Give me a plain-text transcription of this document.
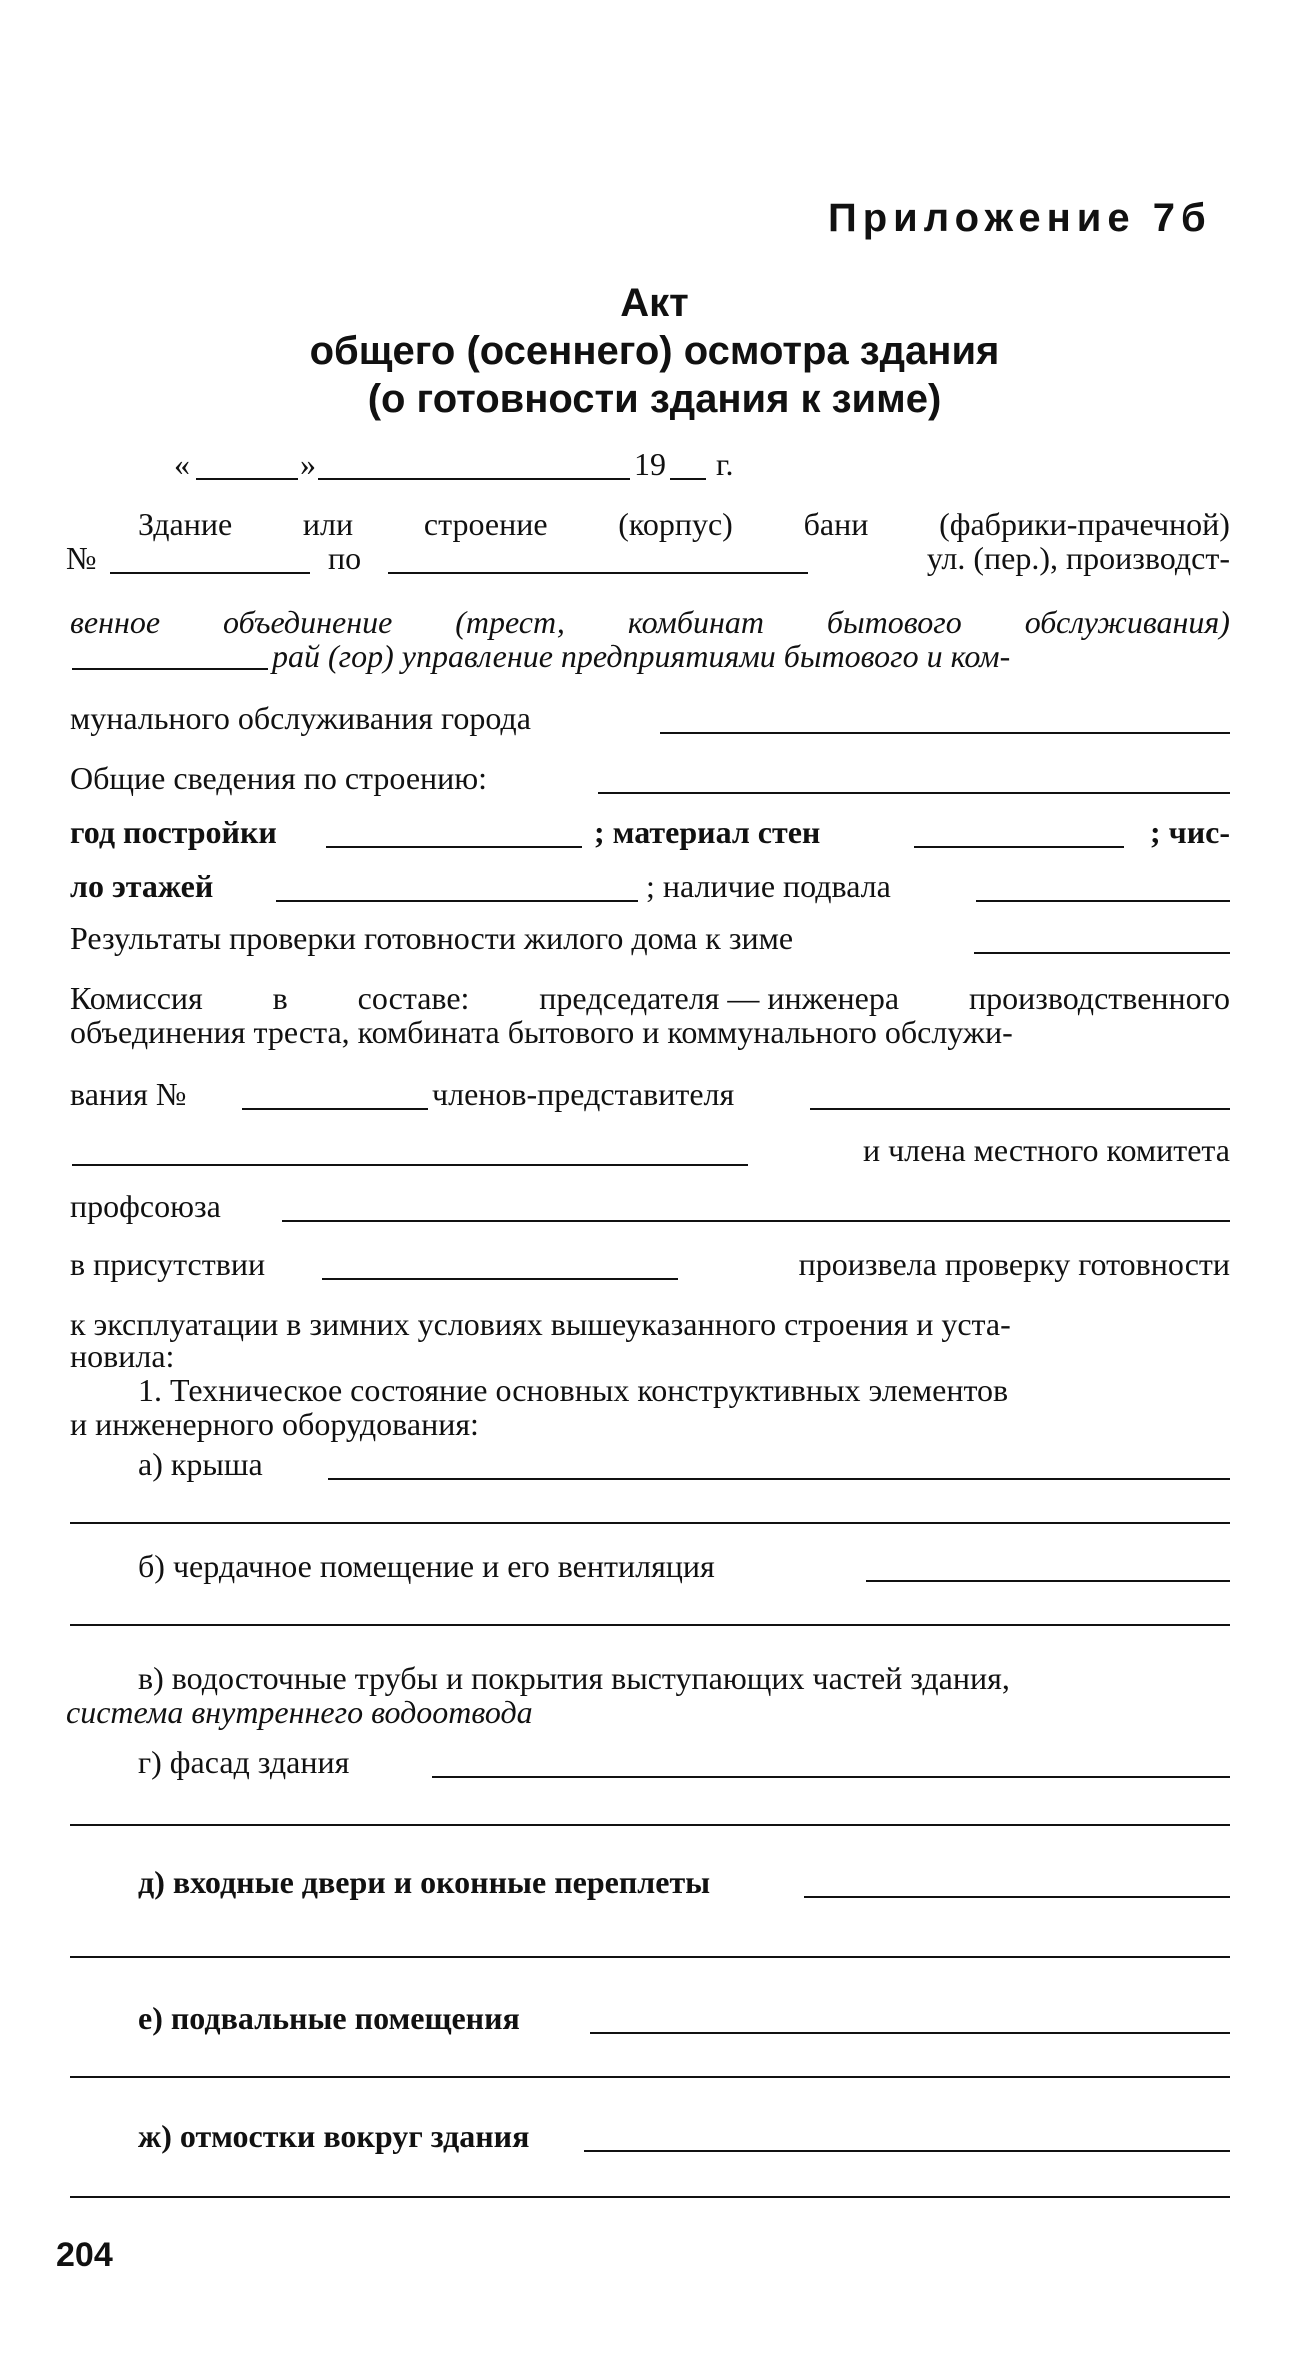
Приложение 7б
Акт
общего (осеннего) осмотра здания
(о готовности здания к зиме)
«	»	19 г.
Здание или строение (корпус) бани (фабрики-прачечной)
№	по	ул. (пер.), производст-
венное объединение (трест, комбинат бытового обслуживания)
рай (гор) управление предприятиями бытового и ком-
мунального обслуживания города
Общие сведения по строению:
год постройки	; материал стен	; чис-
ло этажей	; наличие подвала
Результаты проверки готовности жилого дома к зиме
Комиссия в составе: председателя — инженера производственного
объединения треста, комбината бытового и коммунального обслужи-
вания №	членов-представителя
и члена местного комитета
профсоюза
в присутствии	произвела проверку готовности
к эксплуатации в зимних условиях вышеуказанного строения и уста-
новила:
1. Техническое состояние основных конструктивных элементов
и инженерного оборудования:
а) крыша
б) чердачное помещение и его вентиляция
в) водосточные трубы и покрытия выступающих частей здания,
система внутреннего водоотвода
г) фасад здания
д) входные двери и оконные переплеты
е) подвальные помещения
ж) отмостки вокруг здания
204
